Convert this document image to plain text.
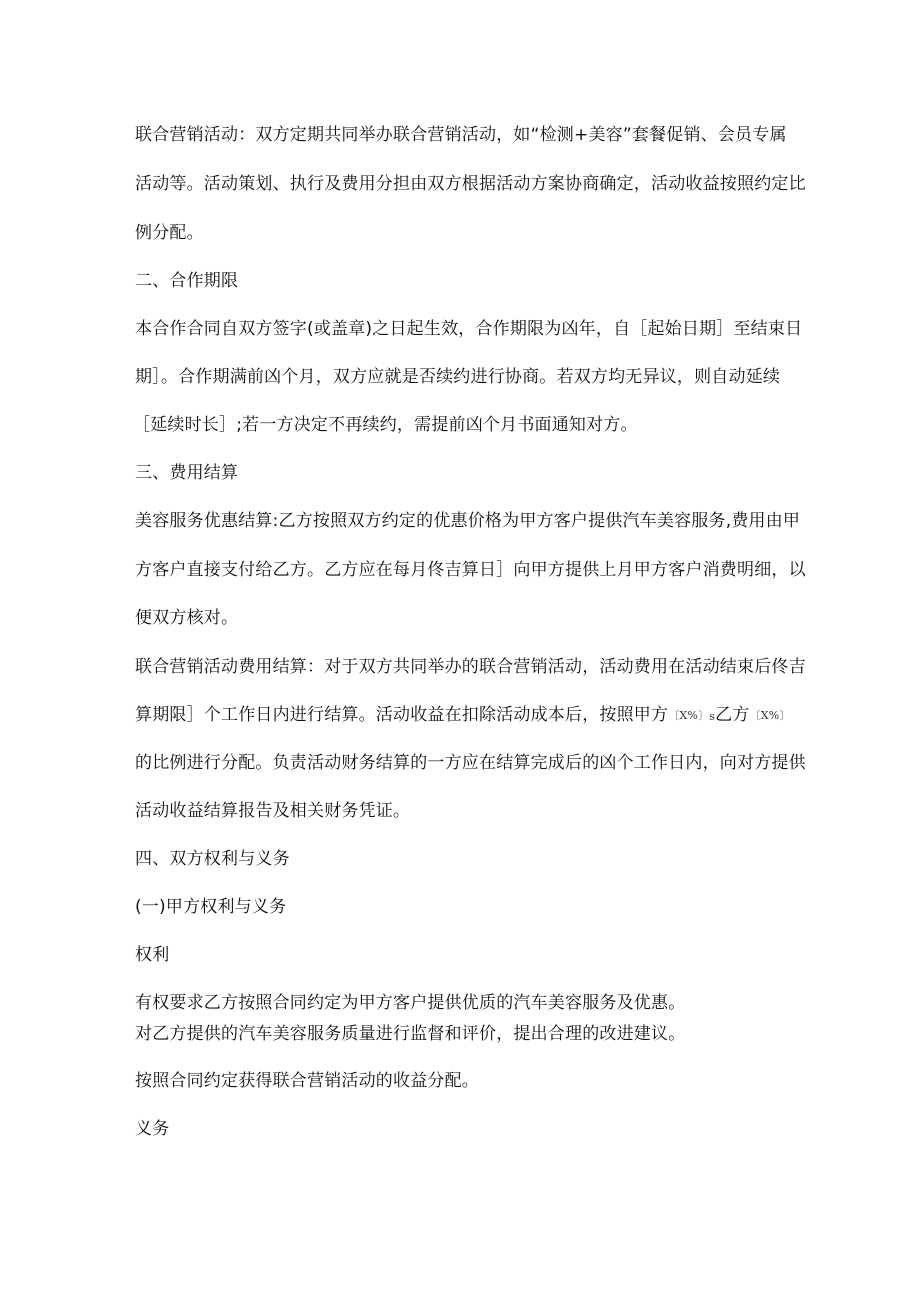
联合营销活动：双方定期共同举办联合营销活动，如“检测+美容”套餐促销、会员专属
活动等。活动策划、执行及费用分担由双方根据活动方案协商确定，活动收益按照约定比
例分配。
二、合作期限
本合作合同自双方签字(或盖章)之日起生效，合作期限为凶年，自［起始日期］至结束日
期］。合作期满前凶个月，双方应就是否续约进行协商。若双方均无异议，则自动延续
［延续时长］;若一方决定不再续约，需提前凶个月书面通知对方。
三、费用结算
美容服务优惠结算:乙方按照双方约定的优惠价格为甲方客户提供汽车美容服务,费用由甲
方客户直接支付给乙方。乙方应在每月佟吉算日］向甲方提供上月甲方客户消费明细，以
便双方核对。
联合营销活动费用结算：对于双方共同举办的联合营销活动，活动费用在活动结束后佟吉
算期限］个工作日内进行结算。活动收益在扣除活动成本后，按照甲方〔X%〕s乙方〔X%〕
的比例进行分配。负责活动财务结算的一方应在结算完成后的凶个工作日内，向对方提供
活动收益结算报告及相关财务凭证。
四、双方权利与义务
(一)甲方权利与义务
权利
有权要求乙方按照合同约定为甲方客户提供优质的汽车美容服务及优惠。
对乙方提供的汽车美容服务质量进行监督和评价，提出合理的改进建议。
按照合同约定获得联合营销活动的收益分配。
义务
